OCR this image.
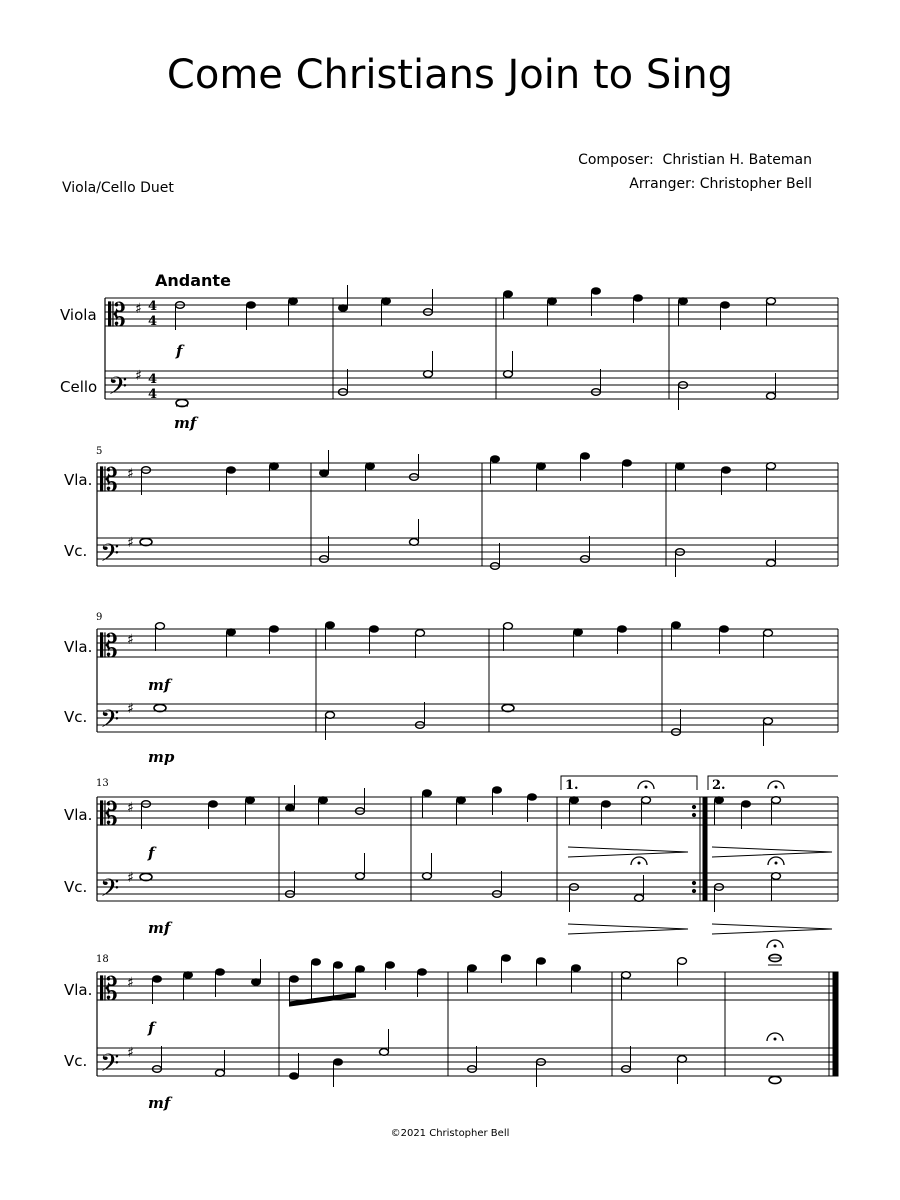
Come Christians Join to Sing
Composer:  Christian H. Bateman
Arranger: Christopher Bell
Viola/Cello Duet
Andante
Viola
Cello
𝄡
𝄢
♯
♯
4
4
4
4
f
mf
5
Vla.
Vc.
𝄡
𝄢
♯
♯
9
Vla.
Vc.
𝄡
𝄢
♯
♯
mf
mp
13
Vla.
Vc.
𝄡
𝄢
♯
♯
1.	2.
f
mf
18
Vla.
Vc.
𝄡
𝄢
♯
♯
f
mf
©2021 Christopher Bell
